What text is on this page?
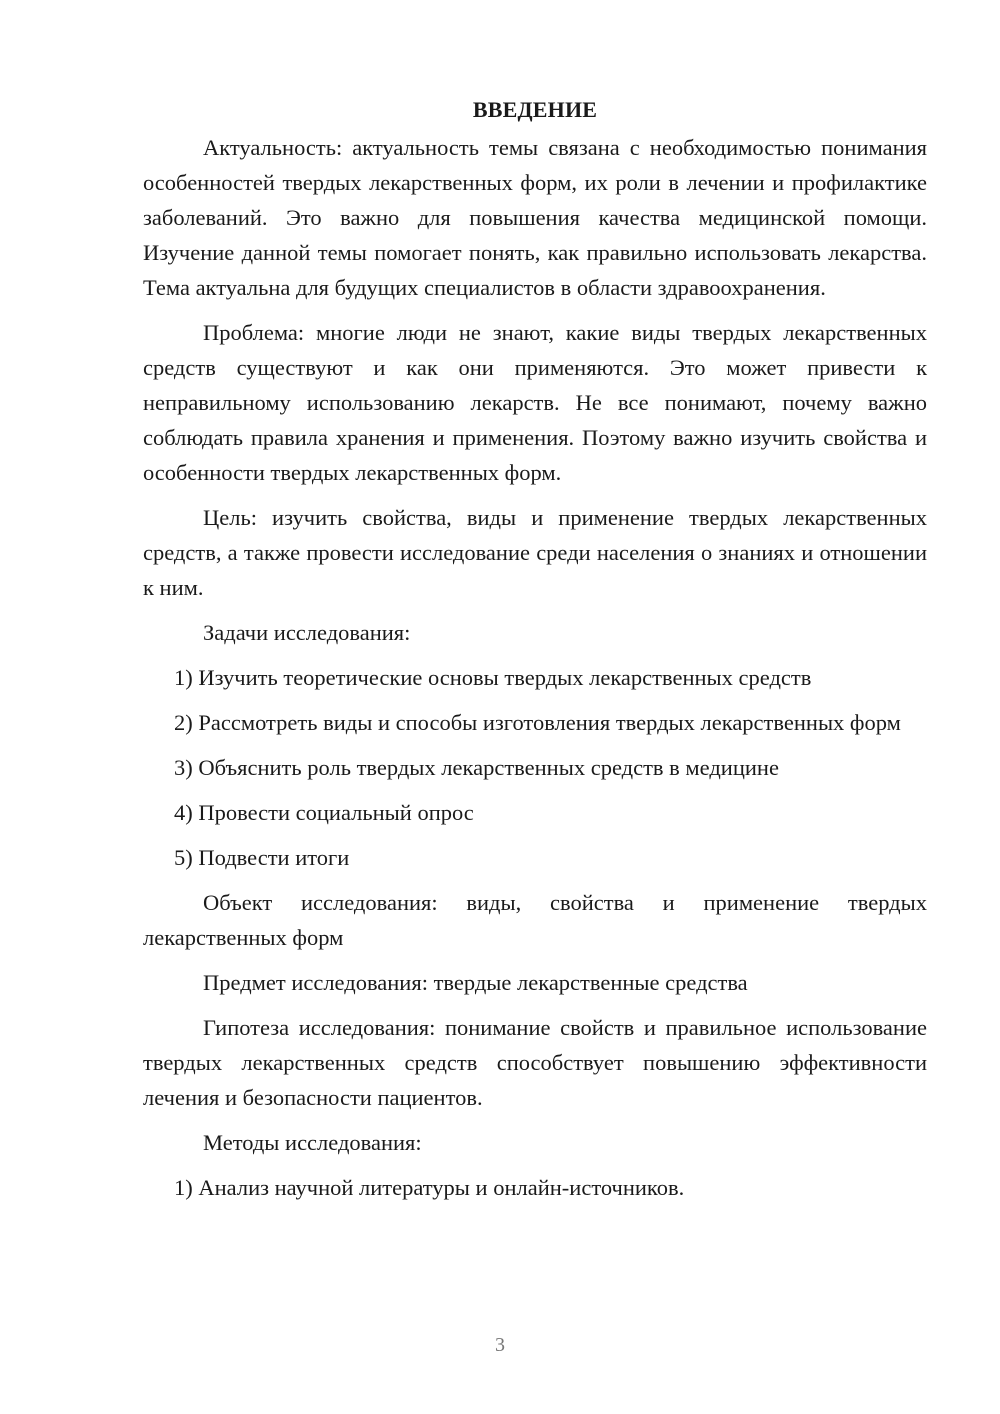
ВВЕДЕНИЕ

Актуальность: актуальность темы связана с необходимостью понимания особенностей твердых лекарственных форм, их роли в лечении и профилактике заболеваний. Это важно для повышения качества медицинской помощи. Изучение данной темы помогает понять, как правильно использовать лекарства. Тема актуальна для будущих специалистов в области здравоохранения.

Проблема: многие люди не знают, какие виды твердых лекарственных средств существуют и как они применяются. Это может привести к неправильному использованию лекарств. Не все понимают, почему важно соблюдать правила хранения и применения. Поэтому важно изучить свойства и особенности твердых лекарственных форм.

Цель: изучить свойства, виды и применение твердых лекарственных средств, а также провести исследование среди населения о знаниях и отношении к ним.

Задачи исследования:

1) Изучить теоретические основы твердых лекарственных средств

2) Рассмотреть виды и способы изготовления твердых лекарственных форм

3) Объяснить роль твердых лекарственных средств в медицине

4) Провести социальный опрос

5) Подвести итоги

Объект исследования: виды, свойства и применение твердых лекарственных форм

Предмет исследования: твердые лекарственные средства

Гипотеза исследования: понимание свойств и правильное использование твердых лекарственных средств способствует повышению эффективности лечения и безопасности пациентов.

Методы исследования:

1) Анализ научной литературы и онлайн-источников.

3
